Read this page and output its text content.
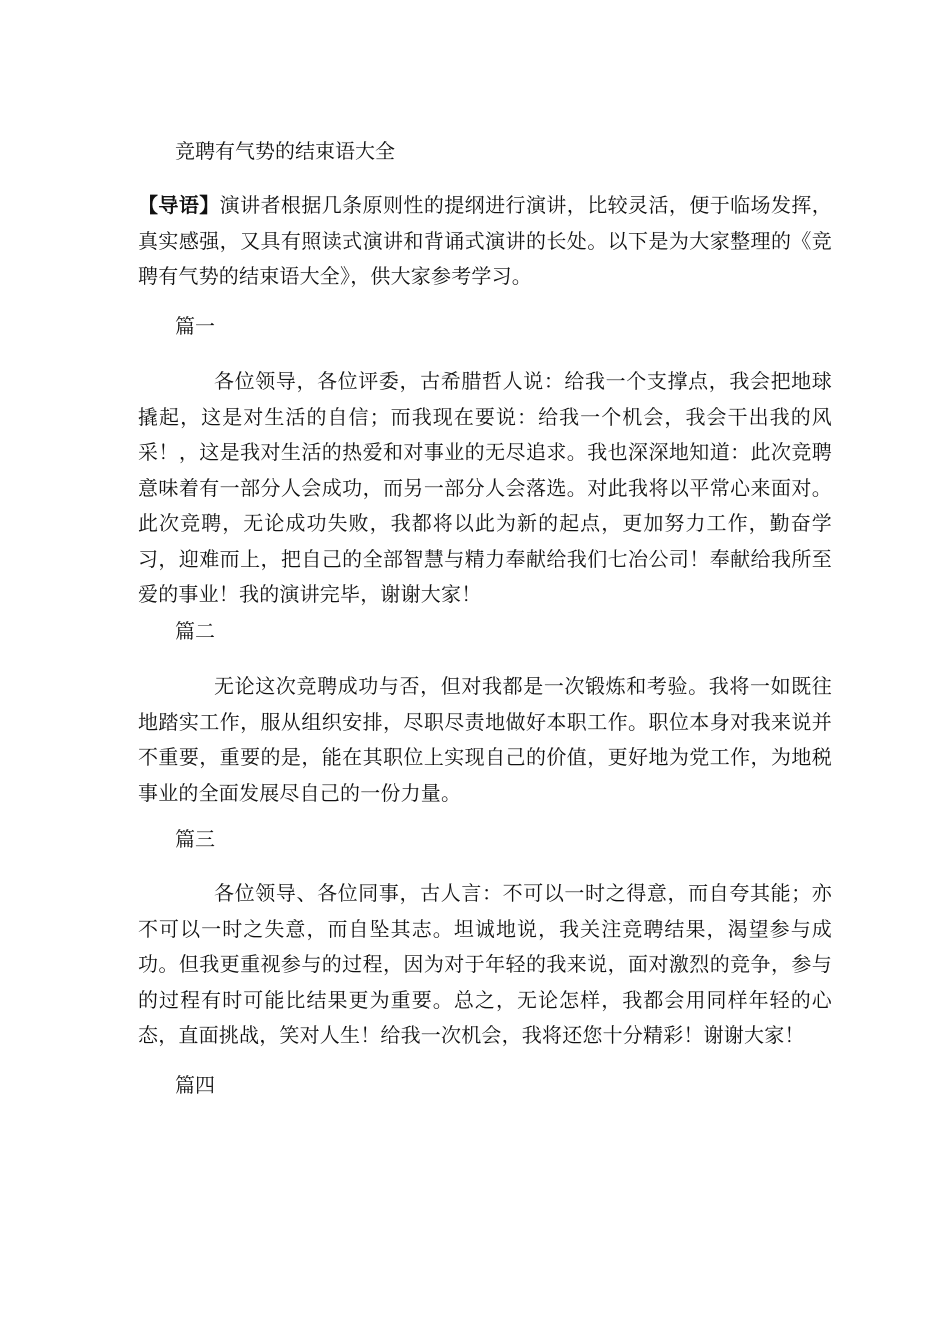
竞聘有气势的结束语大全
【导语】演讲者根据几条原则性的提纲进行演讲，比较灵活，便于临场发挥，真实感强，又具有照读式演讲和背诵式演讲的长处。以下是为大家整理的《竞聘有气势的结束语大全》，供大家参考学习。
篇一
各位领导，各位评委，古希腊哲人说：给我一个支撑点，我会把地球撬起，这是对生活的自信；而我现在要说：给我一个机会，我会干出我的风采！，这是我对生活的热爱和对事业的无尽追求。我也深深地知道：此次竞聘意味着有一部分人会成功，而另一部分人会落选。对此我将以平常心来面对。此次竞聘，无论成功失败，我都将以此为新的起点，更加努力工作，勤奋学习，迎难而上，把自己的全部智慧与精力奉献给我们七冶公司！奉献给我所至爱的事业！我的演讲完毕，谢谢大家！
篇二
无论这次竞聘成功与否，但对我都是一次锻炼和考验。我将一如既往地踏实工作，服从组织安排，尽职尽责地做好本职工作。职位本身对我来说并不重要，重要的是，能在其职位上实现自己的价值，更好地为党工作，为地税事业的全面发展尽自己的一份力量。
篇三
各位领导、各位同事，古人言：不可以一时之得意，而自夸其能；亦不可以一时之失意，而自坠其志。坦诚地说，我关注竞聘结果，渴望参与成功。但我更重视参与的过程，因为对于年轻的我来说，面对激烈的竞争，参与的过程有时可能比结果更为重要。总之，无论怎样，我都会用同样年轻的心态，直面挑战，笑对人生！给我一次机会，我将还您十分精彩！谢谢大家！
篇四
